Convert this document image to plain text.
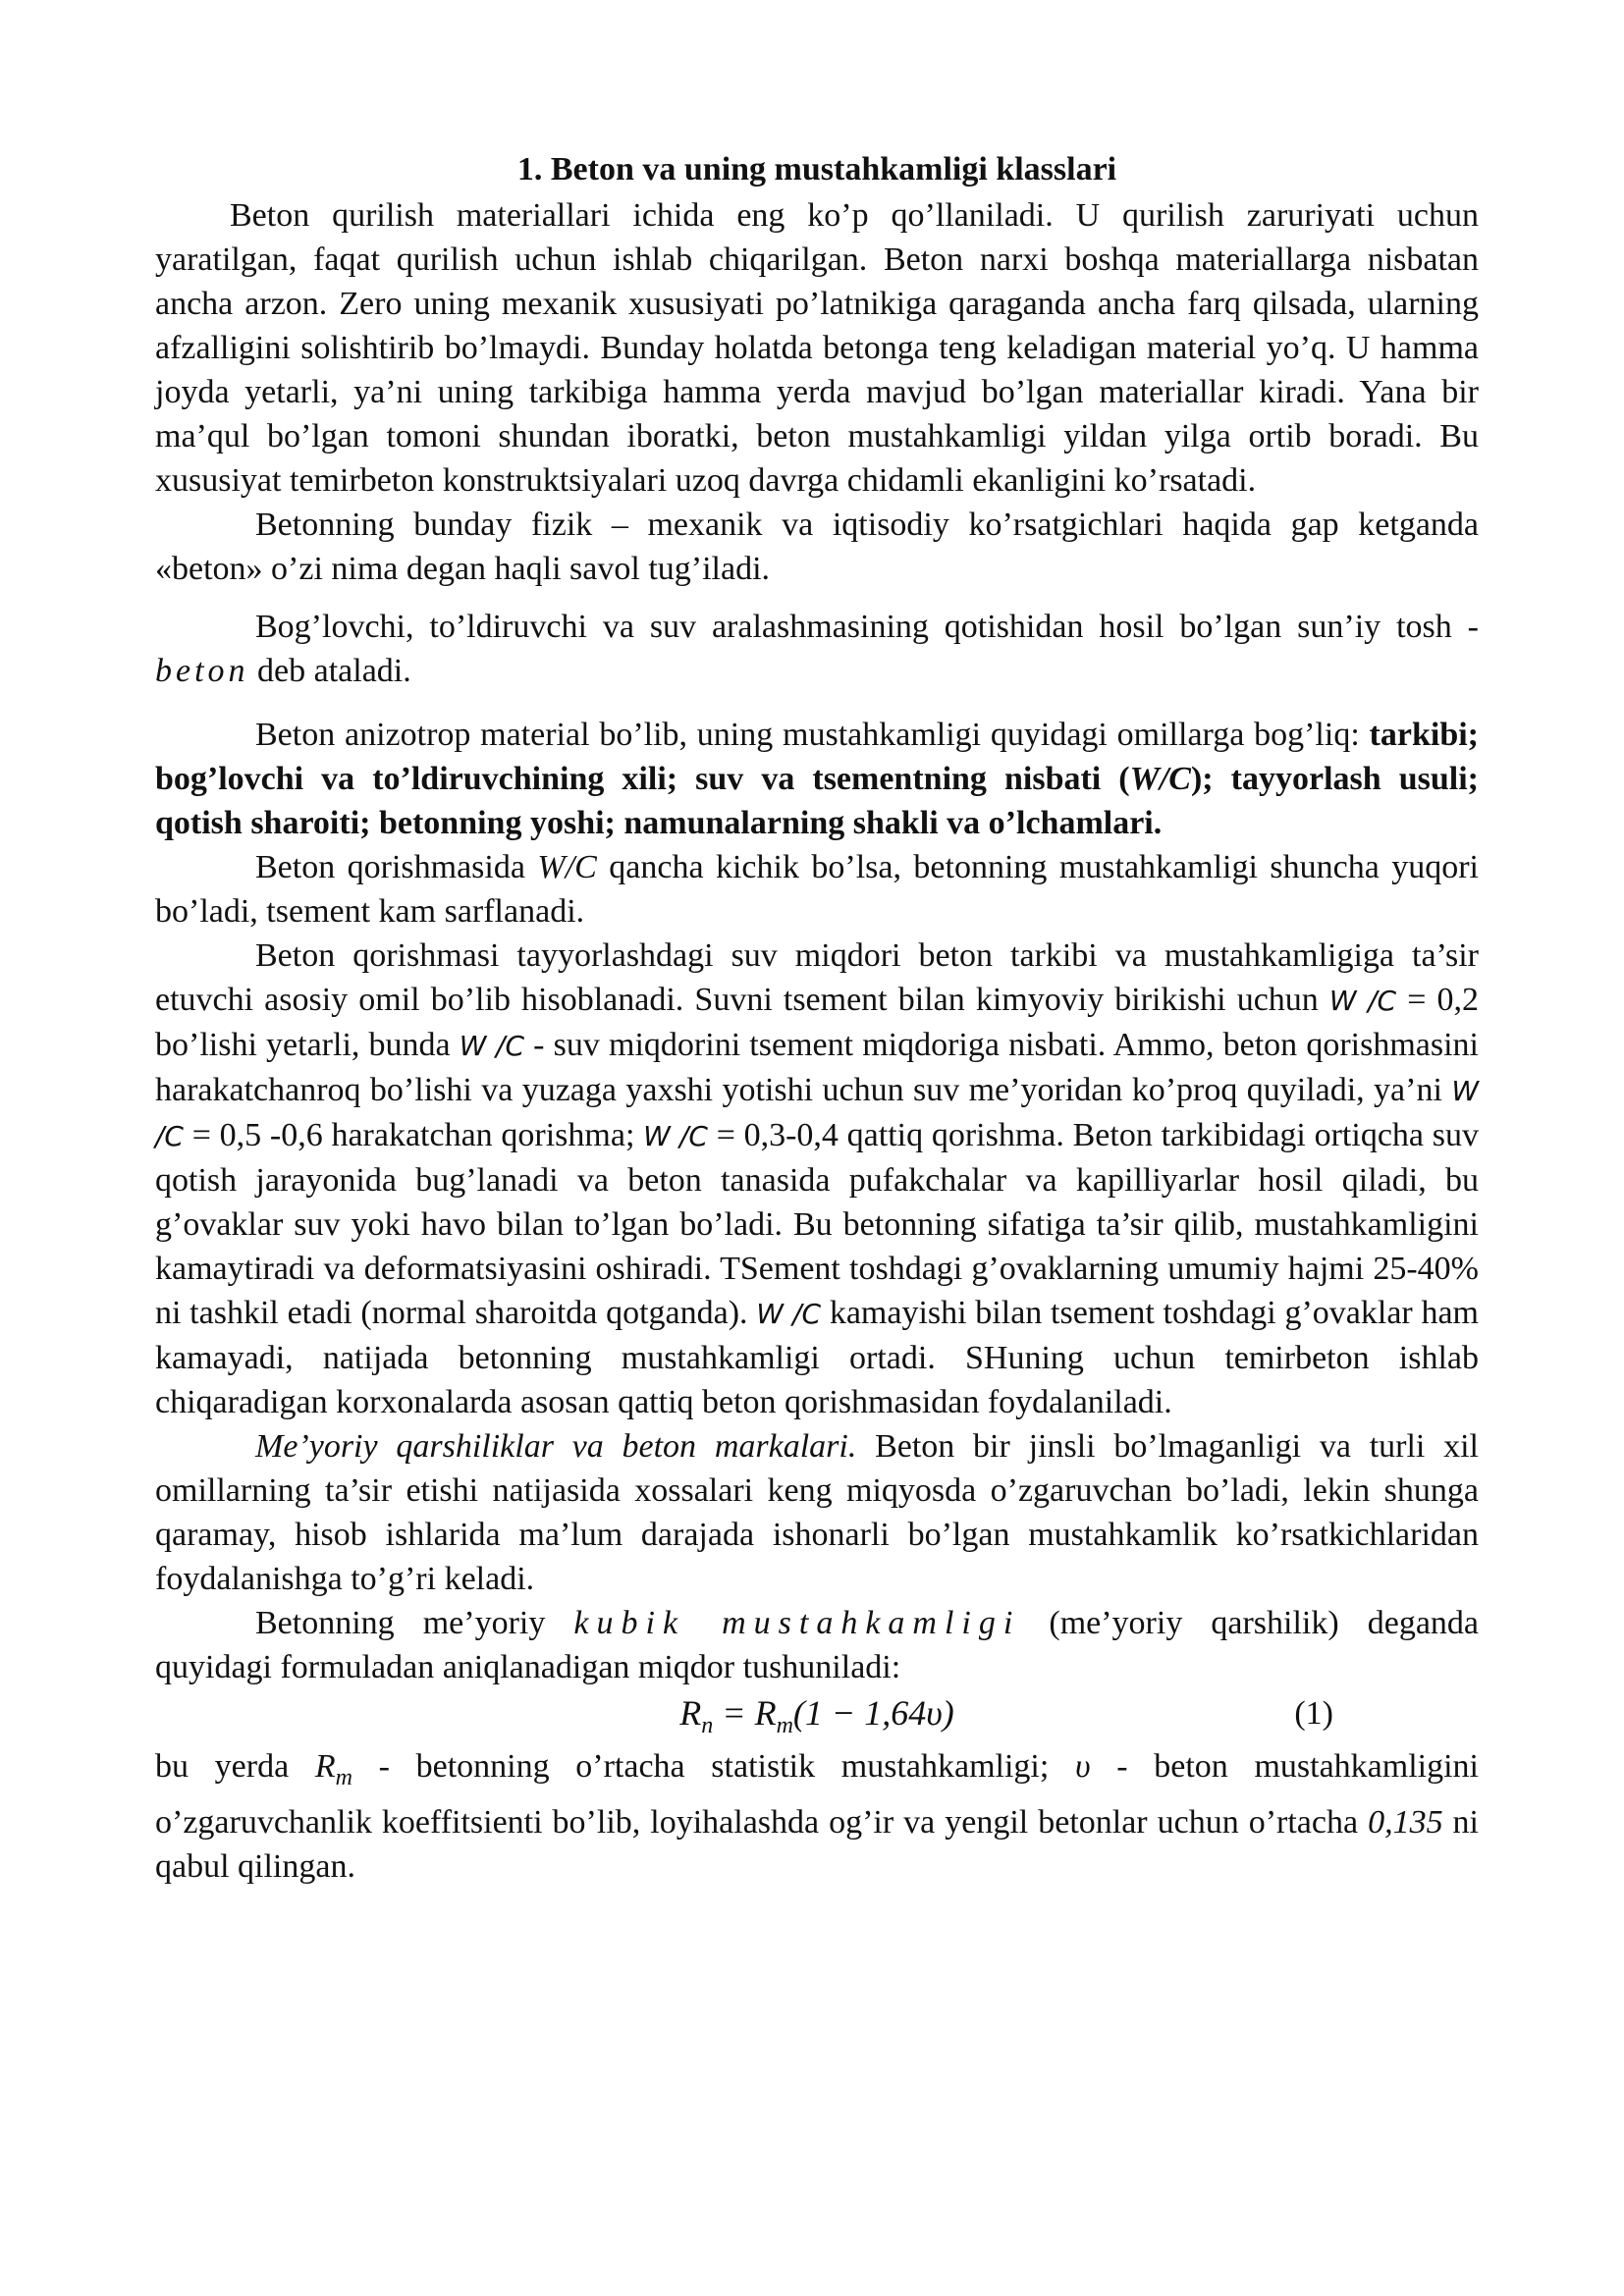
1. Beton va uning mustahkamligi klasslari

Beton qurilish materiallari ichida eng ko’p qo’llaniladi. U qurilish zaruriyati uchun yaratilgan, faqat qurilish uchun ishlab chiqarilgan. Beton narxi boshqa materiallarga nisbatan ancha arzon. Zero uning mexanik xususiyati po’latnikiga qaraganda ancha farq qilsada, ularning afzalligini solishtirib bo’lmaydi. Bunday holatda betonga teng keladigan material yo’q. U hamma joyda yetarli, ya’ni uning tarkibiga hamma yerda mavjud bo’lgan materiallar kiradi. Yana bir ma’qul bo’lgan tomoni shundan iboratki, beton mustahkamligi yildan yilga ortib boradi. Bu xususiyat temirbeton konstruktsiyalari uzoq davrga chidamli ekanligini ko’rsatadi.

Betonning bunday fizik – mexanik va iqtisodiy ko’rsatgichlari haqida gap ketganda «beton» o’zi nima degan haqli savol tug’iladi.

Bog’lovchi, to’ldiruvchi va suv aralashmasining qotishidan hosil bo’lgan sun’iy tosh - beton deb ataladi.

Beton anizotrop material bo’lib, uning mustahkamligi quyidagi omillarga bog’liq: tarkibi; bog’lovchi va to’ldiruvchining xili; suv va tsementning nisbati (W/C); tayyorlash usuli; qotish sharoiti; betonning yoshi; namunalarning shakli va o’lchamlari.

Beton qorishmasida W/C qancha kichik bo’lsa, betonning mustahkamligi shuncha yuqori bo’ladi, tsement kam sarflanadi.

Beton qorishmasi tayyorlashdagi suv miqdori beton tarkibi va mustahkamligiga ta’sir etuvchi asosiy omil bo’lib hisoblanadi. Suvni tsement bilan kimyoviy birikishi uchun W /C = 0,2 bo’lishi yetarli, bunda W /C - suv miqdorini tsement miqdoriga nisbati. Ammo, beton qorishmasini harakatchanroq bo’lishi va yuzaga yaxshi yotishi uchun suv me’yoridan ko’proq quyiladi, ya’ni W /C = 0,5 -0,6 harakatchan qorishma; W /C = 0,3-0,4 qattiq qorishma. Beton tarkibidagi ortiqcha suv qotish jarayonida bug’lanadi va beton tanasida pufakchalar va kapilliyarlar hosil qiladi, bu g’ovaklar suv yoki havo bilan to’lgan bo’ladi. Bu betonning sifatiga ta’sir qilib, mustahkamligini kamaytiradi va deformatsiyasini oshiradi. TSement toshdagi g’ovaklarning umumiy hajmi 25-40% ni tashkil etadi (normal sharoitda qotganda). W /C kamayishi bilan tsement toshdagi g’ovaklar ham kamayadi, natijada betonning mustahkamligi ortadi. SHuning uchun temirbeton ishlab chiqaradigan korxonalarda asosan qattiq beton qorishmasidan foydalaniladi.

Me’yoriy qarshiliklar va beton markalari. Beton bir jinsli bo’lmaganligi va turli xil omillarning ta’sir etishi natijasida xossalari keng miqyosda o’zgaruvchan bo’ladi, lekin shunga qaramay, hisob ishlarida ma’lum darajada ishonarli bo’lgan mustahkamlik ko’rsatkichlaridan foydalanishga to’g’ri keladi.

Betonning me’yoriy kubik mustahkamligi (me’yoriy qarshilik) deganda quyidagi formuladan aniqlanadigan miqdor tushuniladi:

$R_n = R_m(1 - 1,64\upsilon)$	(1)

bu yerda $R_m$ - betonning o’rtacha statistik mustahkamligi; υ - beton mustahkamligini o’zgaruvchanlik koeffitsienti bo’lib, loyihalashda og’ir va yengil betonlar uchun o’rtacha 0,135 ni qabul qilingan.
